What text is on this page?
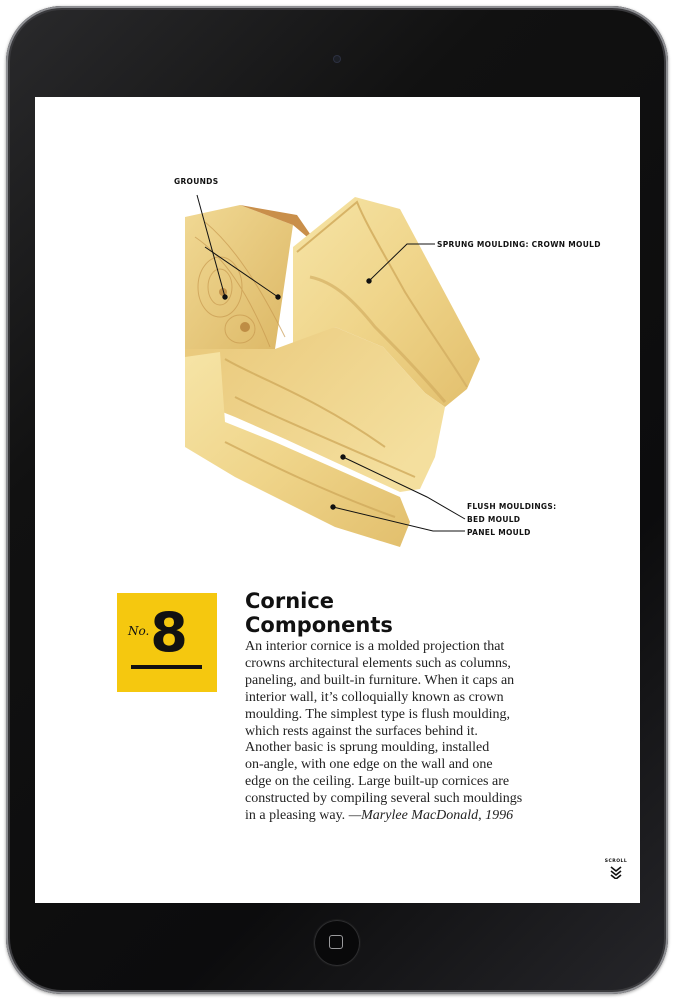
GROUNDS
SPRUNG MOULDING: CROWN MOULD
FLUSH MOULDINGS:
BED MOULD
PANEL MOULD
No. 8	Cornice
Components
An interior cornice is a molded projection that
crowns architectural elements such as columns,
paneling, and built-in furniture. When it caps an
interior wall, it’s colloquially known as crown
moulding. The simplest type is flush moulding,
which rests against the surfaces behind it.
Another basic is sprung moulding, installed
on-angle, with one edge on the wall and one
edge on the ceiling. Large built-up cornices are
constructed by compiling several such mouldings
in a pleasing way. —Marylee MacDonald, 1996
SCROLL
